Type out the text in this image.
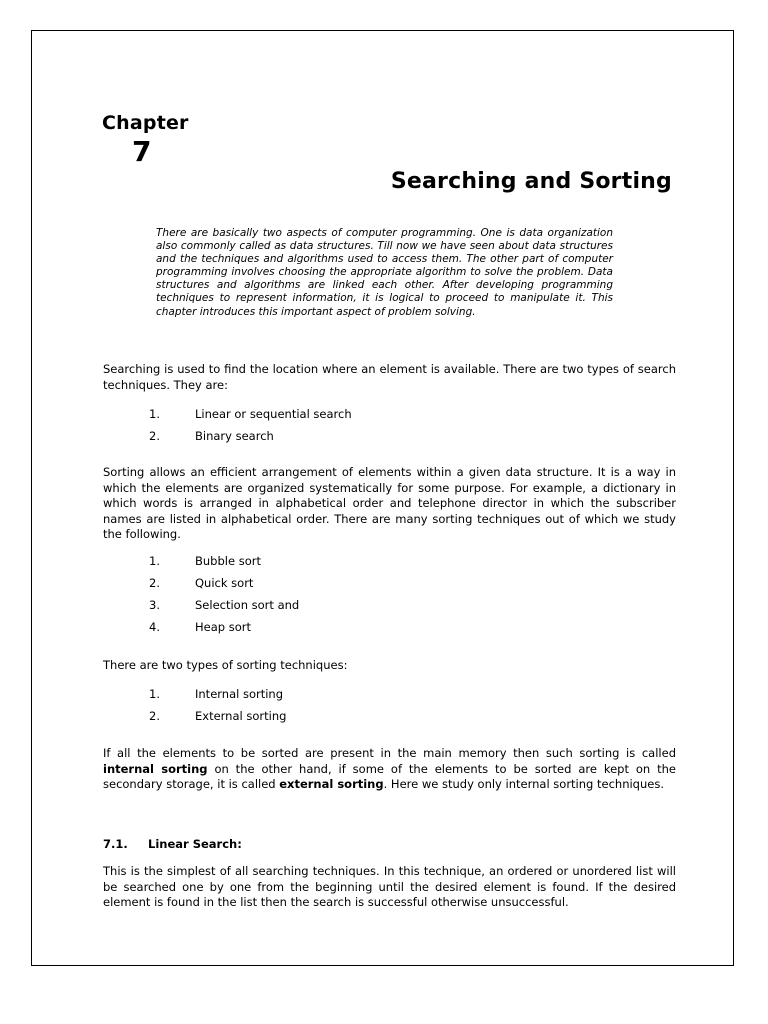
Chapter
7
Searching and Sorting

There are basically two aspects of computer programming. One is data organization also commonly called as data structures. Till now we have seen about data structures and the techniques and algorithms used to access them. The other part of computer programming involves choosing the appropriate algorithm to solve the problem. Data structures and algorithms are linked each other. After developing programming techniques to represent information, it is logical to proceed to manipulate it. This chapter introduces this important aspect of problem solving.

Searching is used to find the location where an element is available. There are two types of search techniques. They are:

1.	Linear or sequential search
2.	Binary search

Sorting allows an efficient arrangement of elements within a given data structure. It is a way in which the elements are organized systematically for some purpose. For example, a dictionary in which words is arranged in alphabetical order and telephone director in which the subscriber names are listed in alphabetical order. There are many sorting techniques out of which we study the following.

1.	Bubble sort
2.	Quick sort
3.	Selection sort and
4.	Heap sort

There are two types of sorting techniques:

1.	Internal sorting
2.	External sorting

If all the elements to be sorted are present in the main memory then such sorting is called internal sorting on the other hand, if some of the elements to be sorted are kept on the secondary storage, it is called external sorting. Here we study only internal sorting techniques.

7.1. Linear Search:

This is the simplest of all searching techniques. In this technique, an ordered or unordered list will be searched one by one from the beginning until the desired element is found. If the desired element is found in the list then the search is successful otherwise unsuccessful.
